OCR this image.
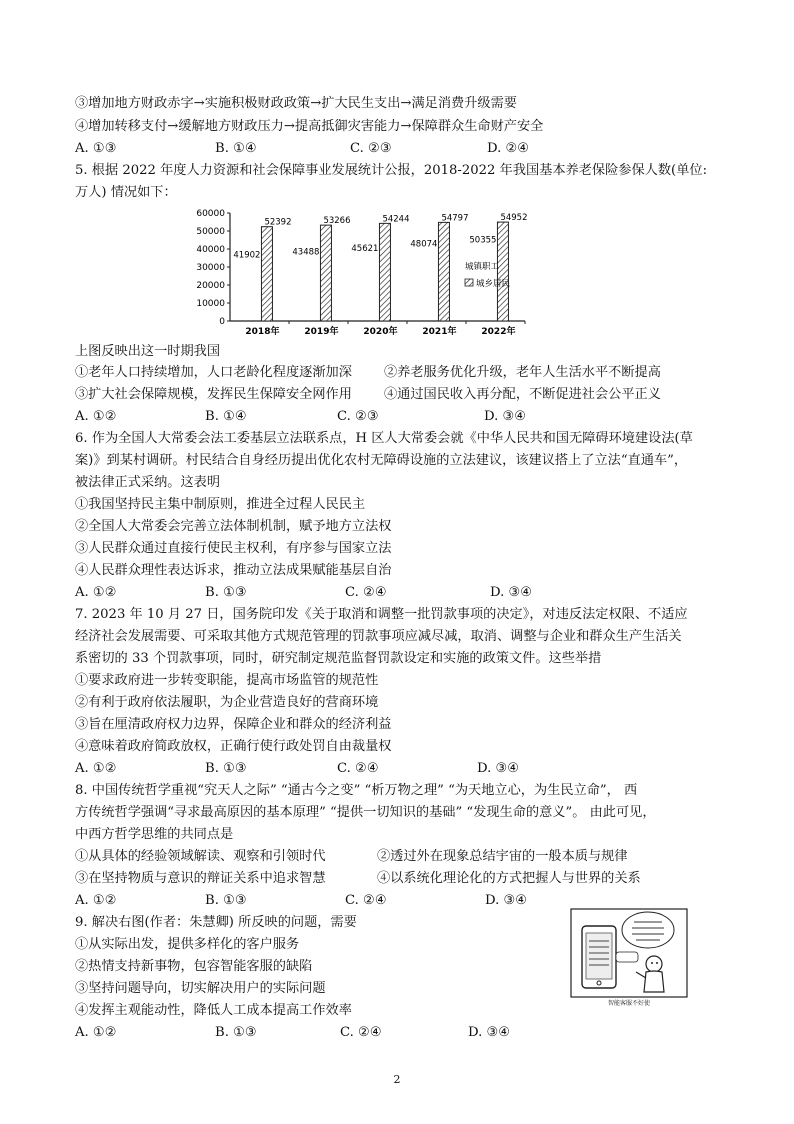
③增加地方财政赤字→实施积极财政政策→扩大民生支出→满足消费升级需要
④增加转移支付→缓解地方财政压力→提高抵御灾害能力→保障群众生命财产安全
A. ①③	B. ①④	C. ②③	D. ②④
5. 根据 2022 年度人力资源和社会保障事业发展统计公报，2018-2022 年我国基本养老保险参保人数(单位:
万人) 情况如下：
0
10000
20000
30000
40000
50000
60000
2018年
41902
52392
2019年
43488
53266
2020年
45621
54244
2021年
48074
54797
2022年
50355
54952
城镇职工
城乡居民
上图反映出这一时期我国
①老年人口持续增加，人口老龄化程度逐渐加深 ②养老服务优化升级，老年人生活水平不断提高
③扩大社会保障规模，发挥民生保障安全网作用 ④通过国民收入再分配，不断促进社会公平正义
A. ①②	B. ①④	C. ②③	D. ③④
6. 作为全国人大常委会法工委基层立法联系点，H 区人大常委会就《中华人民共和国无障碍环境建设法(草
案)》到某村调研。村民结合自身经历提出优化农村无障碍设施的立法建议，该建议搭上了立法“直通车”，
被法律正式采纳。这表明
①我国坚持民主集中制原则，推进全过程人民民主
②全国人大常委会完善立法体制机制，赋予地方立法权
③人民群众通过直接行使民主权利，有序参与国家立法
④人民群众理性表达诉求，推动立法成果赋能基层自治
A. ①②	B. ①③	C. ②④	D. ③④
7. 2023 年 10 月 27 日，国务院印发《关于取消和调整一批罚款事项的决定》，对违反法定权限、不适应
经济社会发展需要、可采取其他方式规范管理的罚款事项应减尽减，取消、调整与企业和群众生产生活关
系密切的 33 个罚款事项，同时，研究制定规范监督罚款设定和实施的政策文件。这些举措
①要求政府进一步转变职能，提高市场监管的规范性
②有利于政府依法履职，为企业营造良好的营商环境
③旨在厘清政府权力边界，保障企业和群众的经济利益
④意味着政府简政放权，正确行使行政处罚自由裁量权
A. ①②	B. ①③	C. ②④	D. ③④
8. 中国传统哲学重视“究天人之际” “通古今之变” “析万物之理” “为天地立心，为生民立命”， 西
方传统哲学强调“寻求最高原因的基本原理” “提供一切知识的基础” “发现生命的意义”。 由此可见，
中西方哲学思维的共同点是
①从具体的经验领域解读、观察和引领时代	②透过外在现象总结宇宙的一般本质与规律
③在坚持物质与意识的辩证关系中追求智慧	④以系统化理论化的方式把握人与世界的关系
A. ①②	B. ①③	C. ②④	D. ③④
9. 解决右图(作者：朱慧卿) 所反映的问题，需要
①从实际出发，提供多样化的客户服务
②热情支持新事物，包容智能客服的缺陷
③坚持问题导向，切实解决用户的实际问题
④发挥主观能动性，降低人工成本提高工作效率
A. ①②	B. ①③	C. ②④	D. ③④
智能客服不好使
2
